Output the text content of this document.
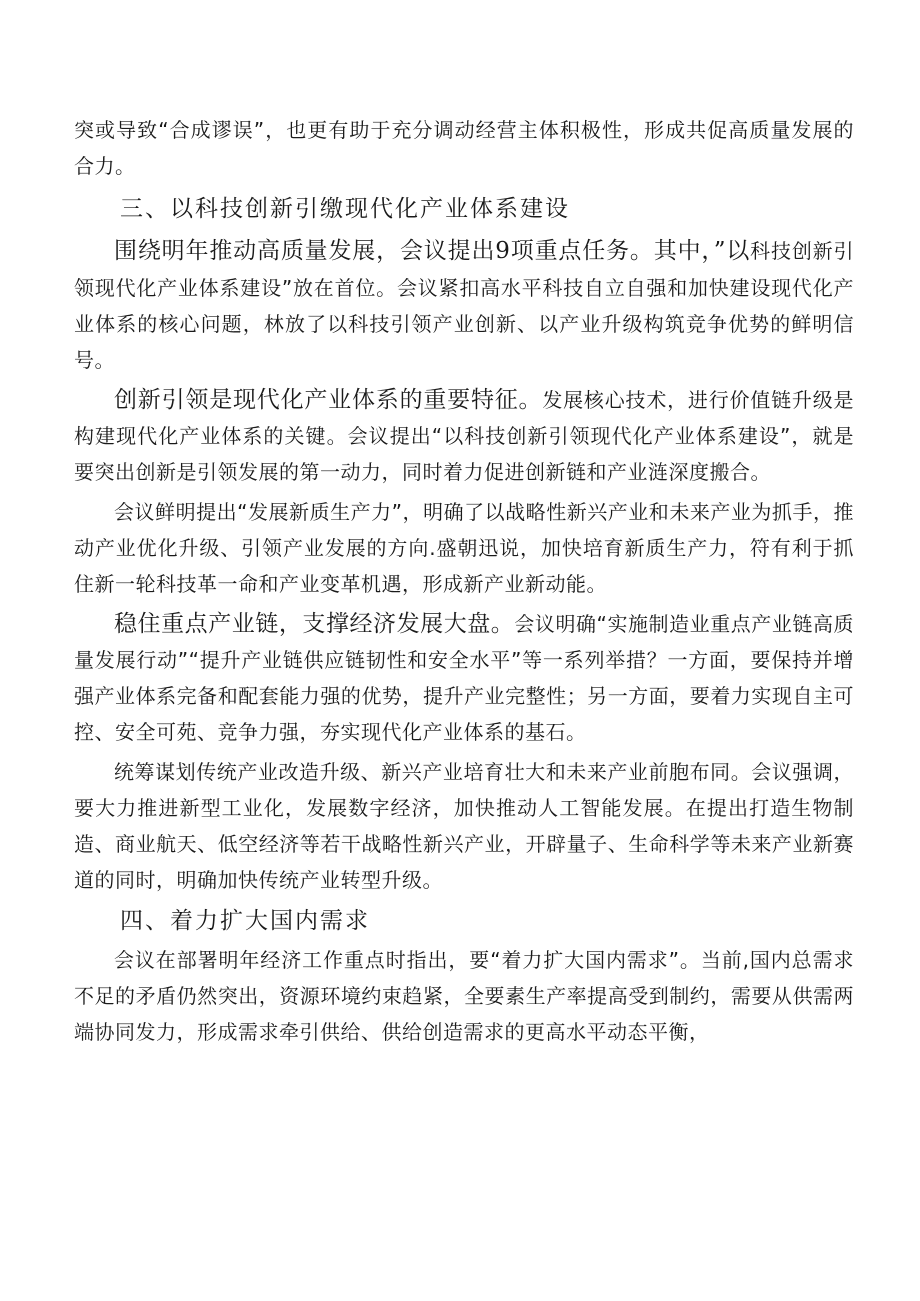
突或导致“合成谬误”，也更有助于充分调动经营主体积极性，形成共促高质量发展的合力。

三、以科技创新引缴现代化产业体系建设

围绕明年推动高质量发展，会议提出9项重点任务。其中，”以科技创新引领现代化产业体系建设”放在首位。会议紧扣高水平科技自立自强和加快建设现代化产业体系的核心问题，林放了以科技引领产业创新、以产业升级构筑竞争优势的鲜明信号。

创新引领是现代化产业体系的重要特征。发展核心技术，进行价值链升级是构建现代化产业体系的关键。会议提出“以科技创新引领现代化产业体系建设”，就是要突出创新是引领发展的第一动力，同时着力促进创新链和产业涟深度搬合。

会议鲜明提出“发展新质生产力”，明确了以战略性新兴产业和未来产业为抓手，推动产业优化升级、引领产业发展的方向.盛朝迅说，加快培育新质生产力，符有利于抓住新一轮科技革一命和产业变革机遇，形成新产业新动能。

稳住重点产业链，支撑经济发展大盘。会议明确“实施制造业重点产业链高质量发展行动”“提升产业链供应链韧性和安全水平”等一系列举措？一方面，要保持并增强产业体系完备和配套能力强的优势，提升产业完整性；另一方面，要着力实现自主可控、安全可苑、竞争力强，夯实现代化产业体系的基石。

统筹谋划传统产业改造升级、新兴产业培育壮大和未来产业前胞布同。会议强调，要大力推进新型工业化，发展数字经济，加快推动人工智能发展。在提出打造生物制造、商业航天、低空经济等若干战略性新兴产业，开辟量子、生命科学等未来产业新赛道的同时，明确加快传统产业转型升级。

四、着力扩大国内需求

会议在部署明年经济工作重点时指出，要“着力扩大国内需求”。当前,国内总需求不足的矛盾仍然突出，资源环境约束趋紧，全要素生产率提高受到制约，需要从供需两端协同发力，形成需求牵引供给、供给创造需求的更高水平动态平衡，
